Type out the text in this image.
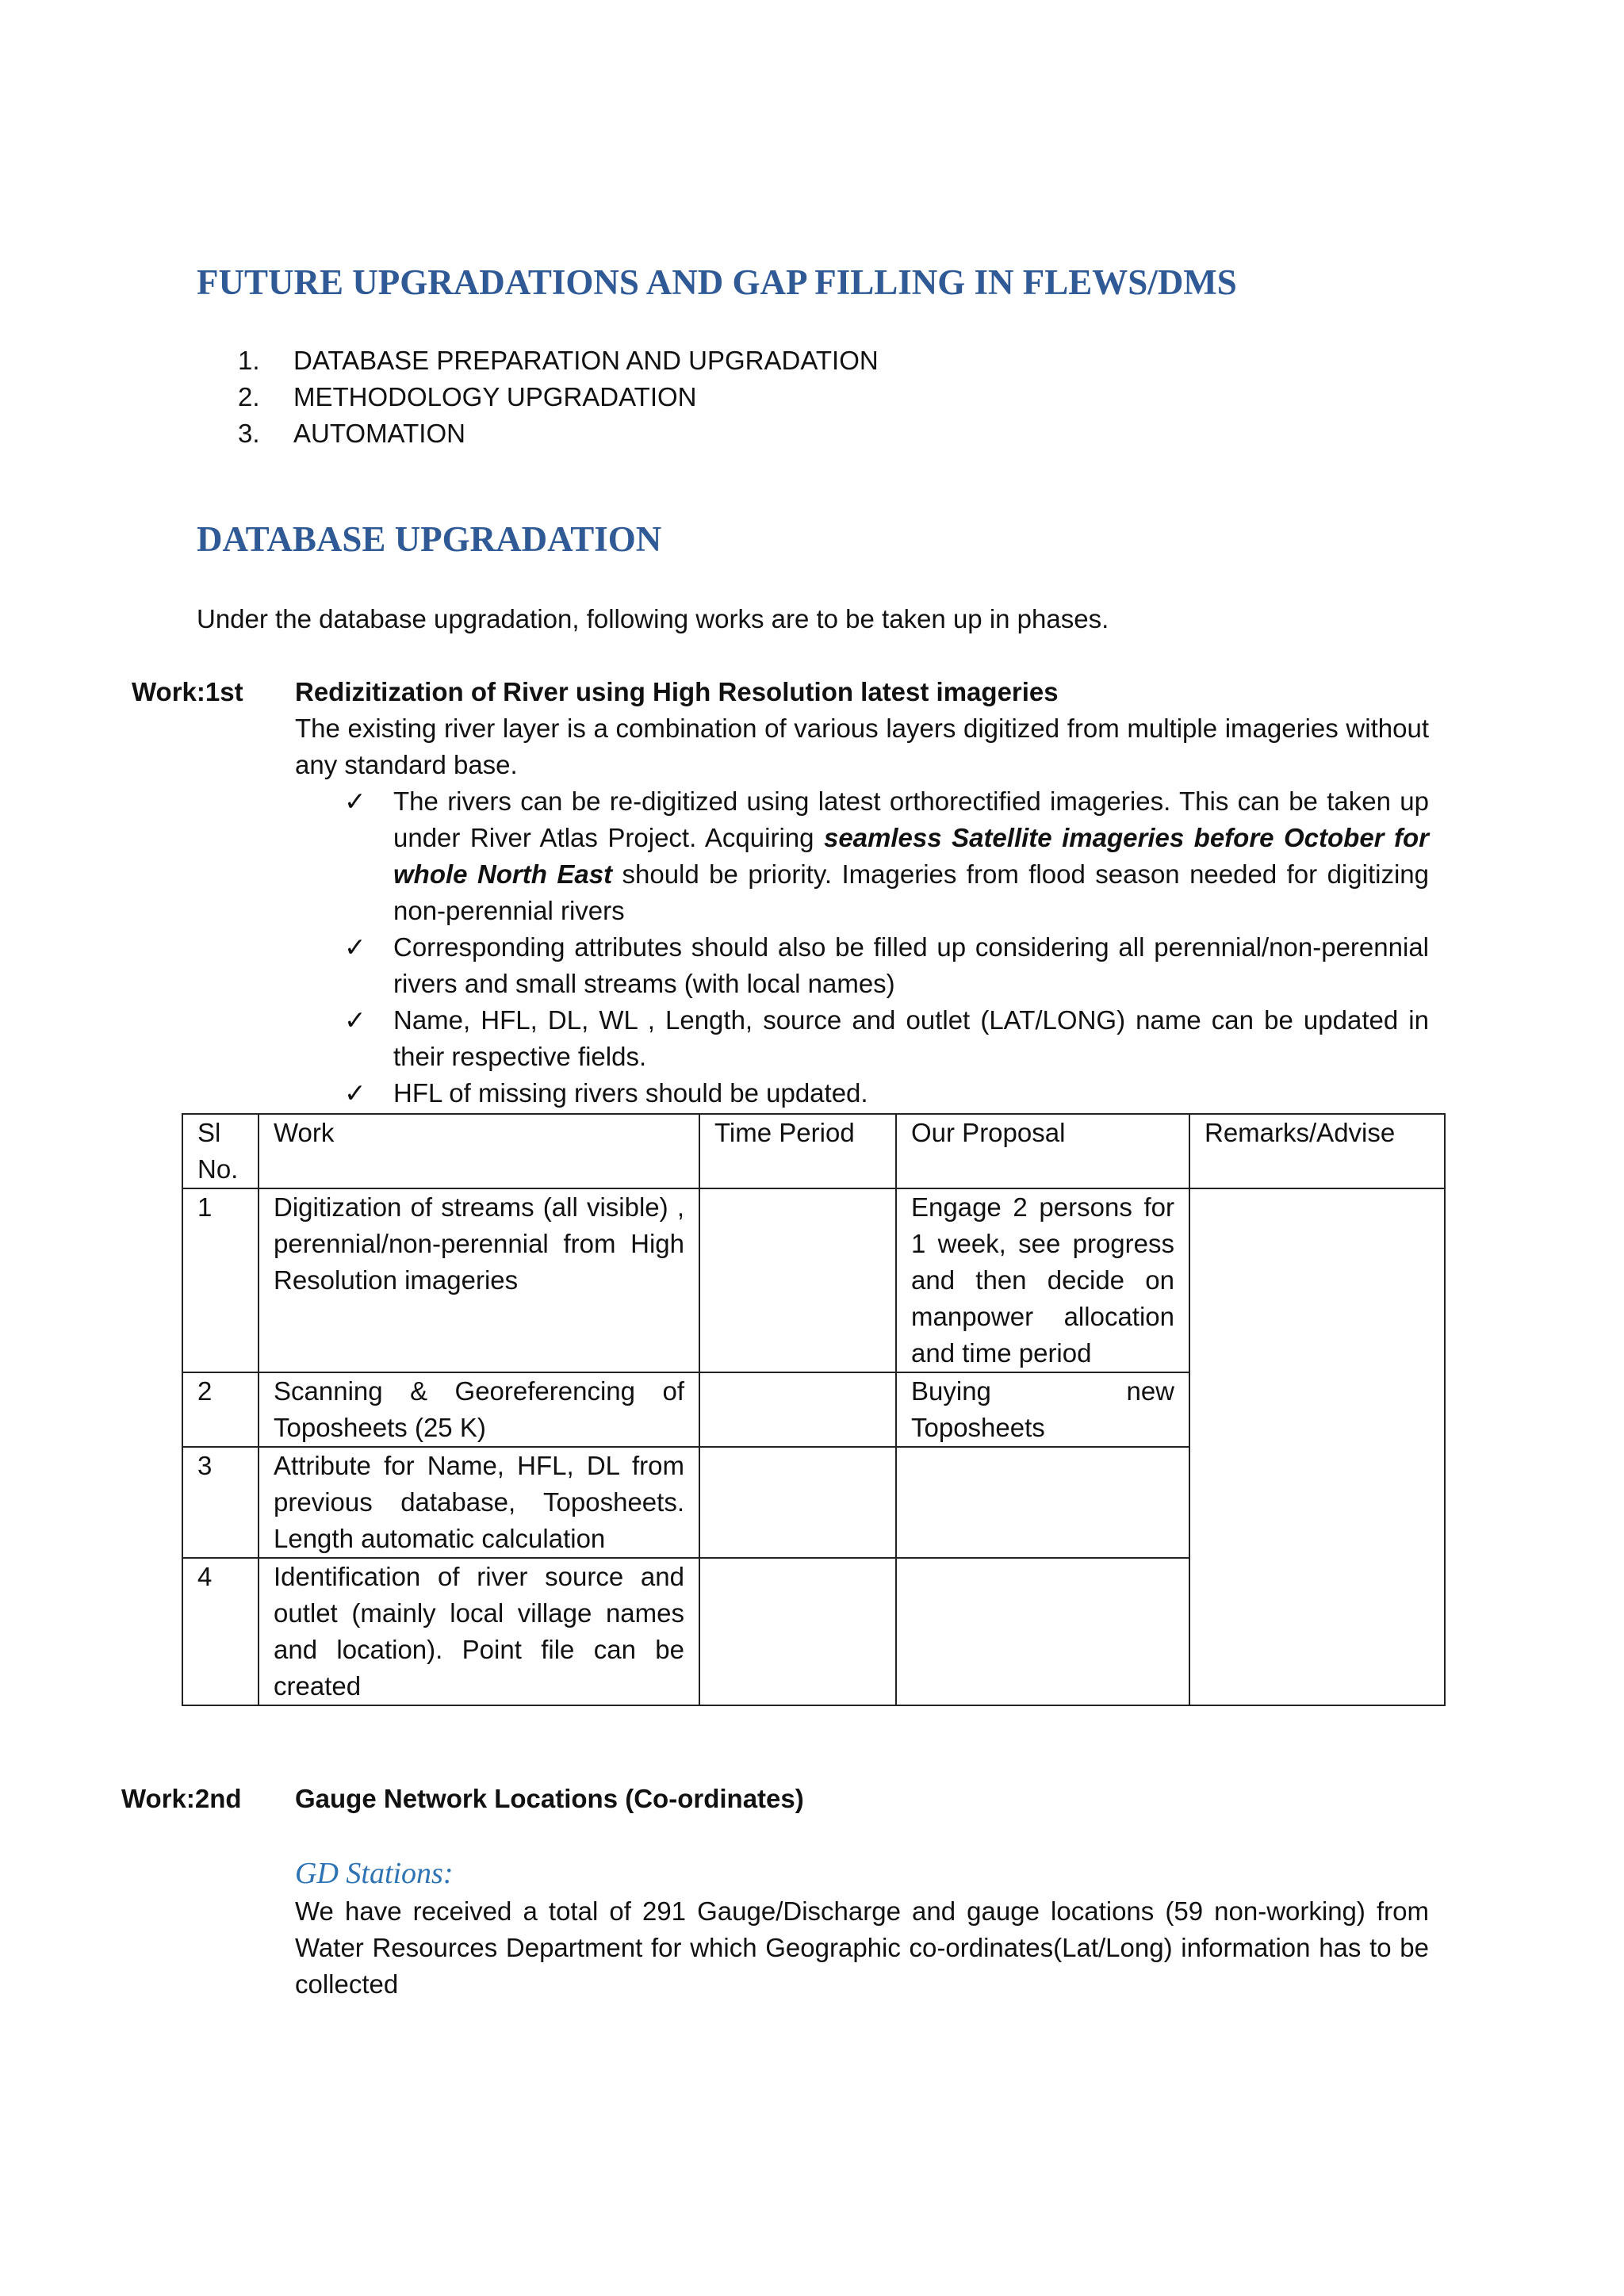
FUTURE UPGRADATIONS AND GAP FILLING IN FLEWS/DMS
1. DATABASE PREPARATION AND UPGRADATION
2. METHODOLOGY UPGRADATION
3. AUTOMATION
DATABASE UPGRADATION
Under the database upgradation, following works are to be taken up in phases.
Work:1st Redizitization of River using High Resolution latest imageries
The existing river layer is a combination of various layers digitized from multiple imageries without any standard base.
✓ The rivers can be re-digitized using latest orthorectified imageries. This can be taken up under River Atlas Project. Acquiring seamless Satellite imageries before October for whole North East should be priority. Imageries from flood season needed for digitizing non-perennial rivers
✓ Corresponding attributes should also be filled up considering all perennial/non-perennial rivers and small streams (with local names)
✓ Name, HFL, DL, WL , Length, source and outlet (LAT/LONG) name can be updated in their respective fields.
✓ HFL of missing rivers should be updated.
Sl No.	Work	Time Period	Our Proposal	Remarks/Advise
1	Digitization of streams (all visible) , perennial/non-perennial from High Resolution imageries		Engage 2 persons for 1 week, see progress and then decide on manpower allocation and time period	
2	Scanning & Georeferencing of Toposheets (25 K)		Buying new Toposheets	
3	Attribute for Name, HFL, DL from previous database, Toposheets. Length automatic calculation			
4	Identification of river source and outlet (mainly local village names and location). Point file can be created			
Work:2nd Gauge Network Locations (Co-ordinates)
GD Stations:
We have received a total of 291 Gauge/Discharge and gauge locations (59 non-working) from Water Resources Department for which Geographic co-ordinates(Lat/Long) information has to be collected
